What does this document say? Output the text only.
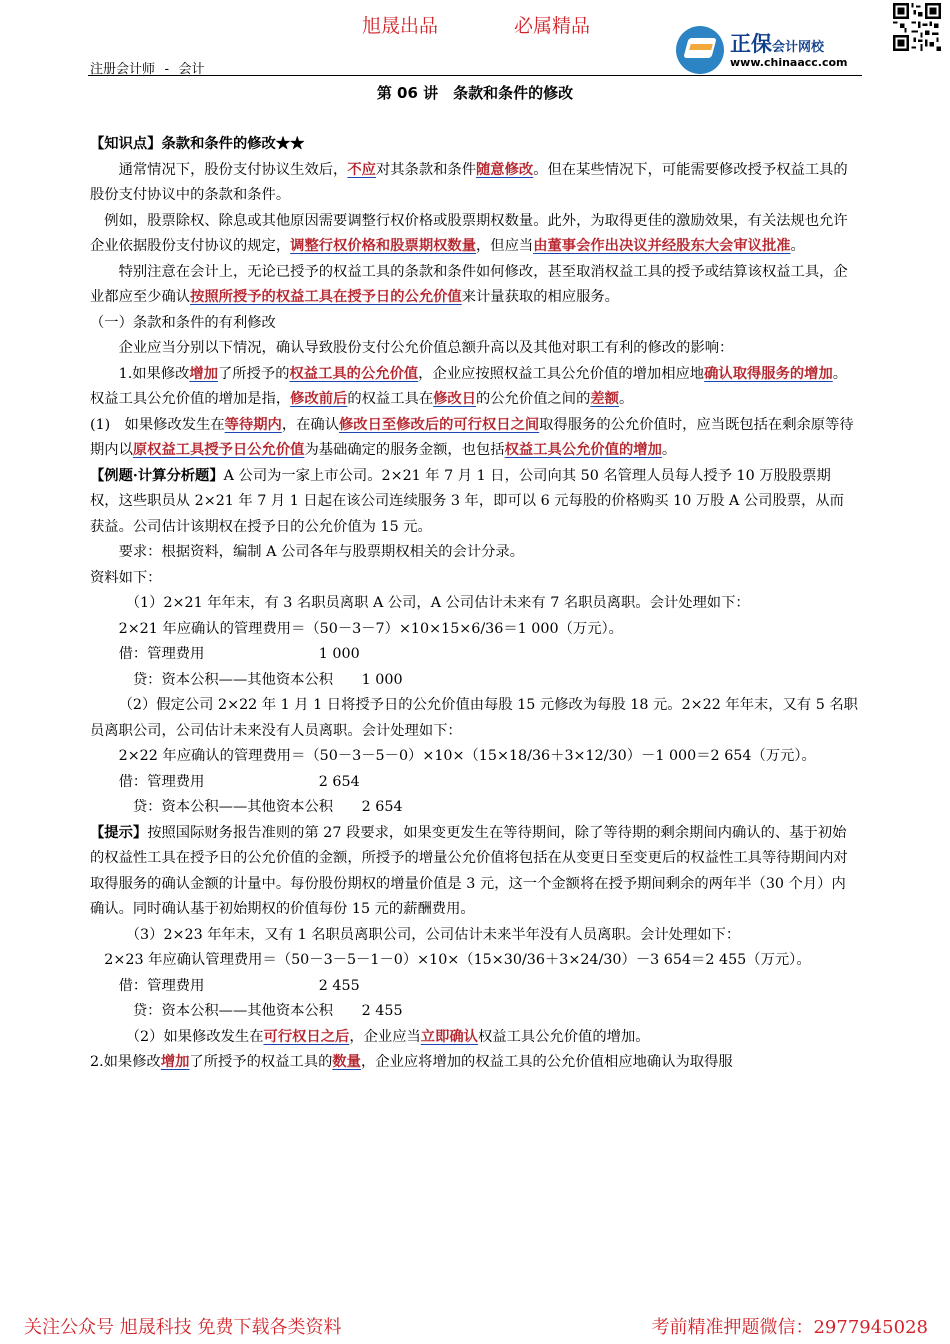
旭晟出品	必属精品
注册会计师 - 会计
正保会计网校
www.chinaacc.com
第 06 讲　条款和条件的修改

【知识点】条款和条件的修改★★

通常情况下，股份支付协议生效后，不应对其条款和条件随意修改。但在某些情况下，可能需要修改授予权益工具的股份支付协议中的条款和条件。

例如，股票除权、除息或其他原因需要调整行权价格或股票期权数量。此外，为取得更佳的激励效果，有关法规也允许企业依据股份支付协议的规定，调整行权价格和股票期权数量，但应当由董事会作出决议并经股东大会审议批准。

特别注意在会计上，无论已授予的权益工具的条款和条件如何修改，甚至取消权益工具的授予或结算该权益工具，企业都应至少确认按照所授予的权益工具在授予日的公允价值来计量获取的相应服务。

（一）条款和条件的有利修改

企业应当分别以下情况，确认导致股份支付公允价值总额升高以及其他对职工有利的修改的影响：

1.如果修改增加了所授予的权益工具的公允价值，企业应按照权益工具公允价值的增加相应地确认取得服务的增加。权益工具公允价值的增加是指，修改前后的权益工具在修改日的公允价值之间的差额。

(1)　如果修改发生在等待期内，在确认修改日至修改后的可行权日之间取得服务的公允价值时，应当既包括在剩余原等待期内以原权益工具授予日公允价值为基础确定的服务金额，也包括权益工具公允价值的增加。

【例题·计算分析题】A 公司为一家上市公司。2×21 年 7 月 1 日，公司向其 50 名管理人员每人授予 10 万股股票期权，这些职员从 2×21 年 7 月 1 日起在该公司连续服务 3 年，即可以 6 元每股的价格购买 10 万股 A 公司股票，从而获益。公司估计该期权在授予日的公允价值为 15 元。

要求：根据资料，编制 A 公司各年与股票期权相关的会计分录。

资料如下：

（1）2×21 年年末，有 3 名职员离职 A 公司，A 公司估计未来有 7 名职员离职。会计处理如下：

2×21 年应确认的管理费用＝（50－3－7）×10×15×6/36＝1 000（万元）。

借：管理费用　　　　　　　　1 000

贷：资本公积——其他资本公积　　1 000

（2）假定公司 2×22 年 1 月 1 日将授予日的公允价值由每股 15 元修改为每股 18 元。2×22 年年末，又有 5 名职员离职公司，公司估计未来没有人员离职。会计处理如下：

2×22 年应确认的管理费用＝（50－3－5－0）×10×（15×18/36＋3×12/30）－1 000＝2 654（万元）。

借：管理费用　　　　　　　　2 654

贷：资本公积——其他资本公积　　2 654

【提示】按照国际财务报告准则的第 27 段要求，如果变更发生在等待期间，除了等待期的剩余期间内确认的、基于初始的权益性工具在授予日的公允价值的金额，所授予的增量公允价值将包括在从变更日至变更后的权益性工具等待期间内对取得服务的确认金额的计量中。每份股份期权的增量价值是 3 元，这一个金额将在授予期间剩余的两年半（30 个月）内确认。同时确认基于初始期权的价值每份 15 元的薪酬费用。

（3）2×23 年年末，又有 1 名职员离职公司，公司估计未来半年没有人员离职。会计处理如下：

2×23 年应确认管理费用＝（50－3－5－1－0）×10×（15×30/36＋3×24/30）－3 654＝2 455（万元）。

借：管理费用　　　　　　　　2 455

贷：资本公积——其他资本公积　　2 455

（2）如果修改发生在可行权日之后，企业应当立即确认权益工具公允价值的增加。

2.如果修改增加了所授予的权益工具的数量，企业应将增加的权益工具的公允价值相应地确认为取得服

关注公众号 旭晟科技 免费下载各类资料	考前精准押题微信：2977945028
